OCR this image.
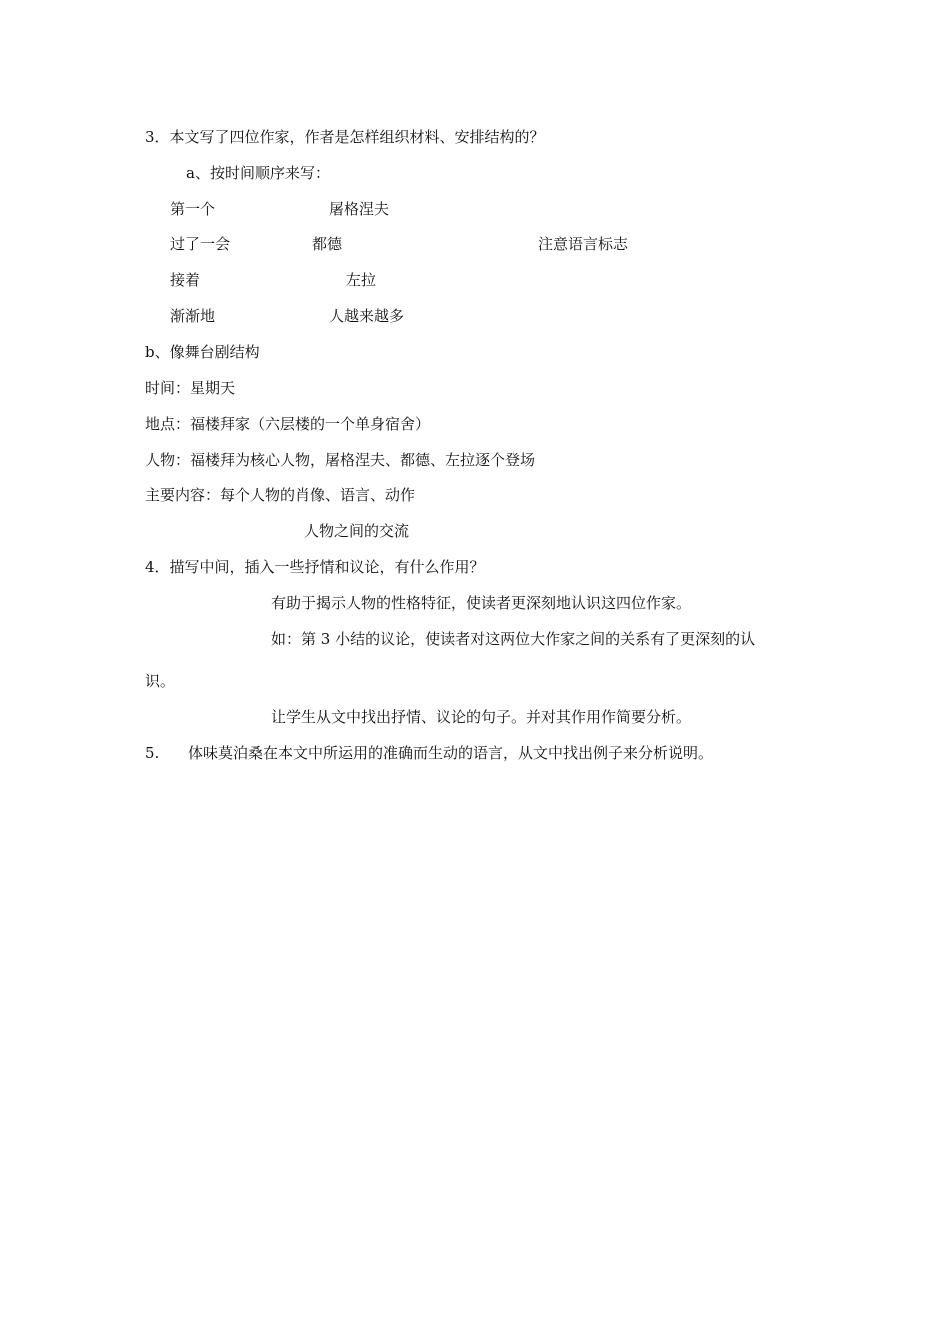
3．本文写了四位作家，作者是怎样组织材料、安排结构的？
a、按时间顺序来写：
第一个	屠格涅夫
过了一会	都德	注意语言标志
接着	左拉
渐渐地	人越来越多
b、像舞台剧结构
时间：星期天
地点：福楼拜家（六层楼的一个单身宿舍）
人物：福楼拜为核心人物，屠格涅夫、都德、左拉逐个登场
主要内容：每个人物的肖像、语言、动作
人物之间的交流
4．描写中间，插入一些抒情和议论，有什么作用？
有助于揭示人物的性格特征，使读者更深刻地认识这四位作家。
如：第 3 小结的议论，使读者对这两位大作家之间的关系有了更深刻的认
识。
让学生从文中找出抒情、议论的句子。并对其作用作简要分析。
5. 体味莫泊桑在本文中所运用的准确而生动的语言，从文中找出例子来分析说明。
